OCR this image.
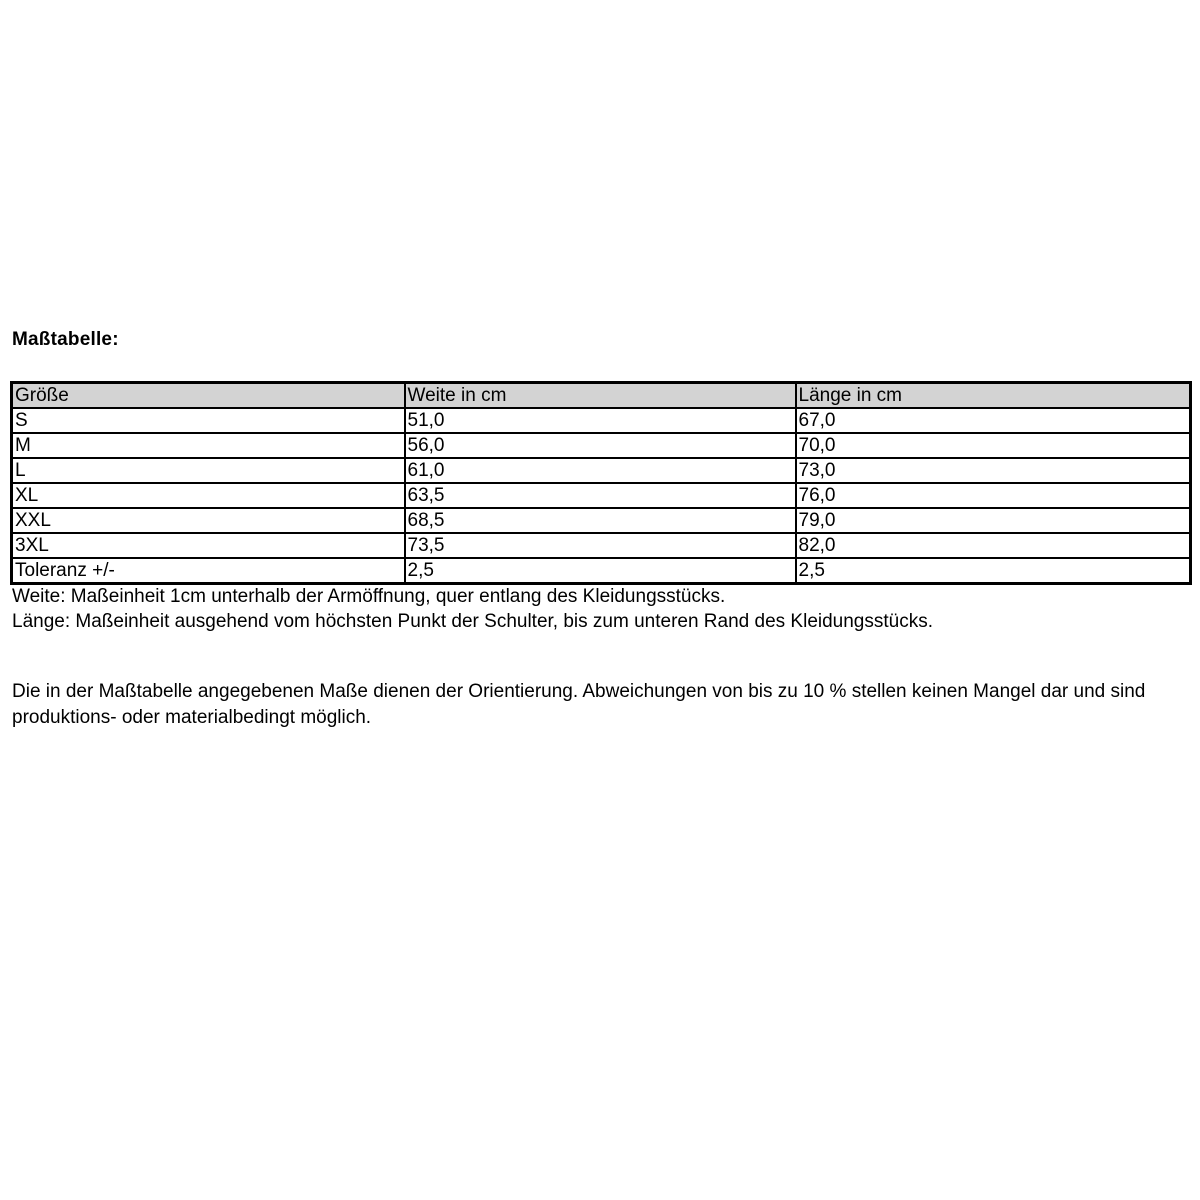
Maßtabelle:
Größe	Weite in cm	Länge in cm
S	51,0	67,0
M	56,0	70,0
L	61,0	73,0
XL	63,5	76,0
XXL	68,5	79,0
3XL	73,5	82,0
Toleranz +/-	2,5	2,5

Weite: Maßeinheit 1cm unterhalb der Armöffnung, quer entlang des Kleidungsstücks.

Länge: Maßeinheit ausgehend vom höchsten Punkt der Schulter, bis zum unteren Rand des Kleidungsstücks.

Die in der Maßtabelle angegebenen Maße dienen der Orientierung. Abweichungen von bis zu 10 % stellen keinen Mangel dar und sind produktions- oder materialbedingt möglich.
